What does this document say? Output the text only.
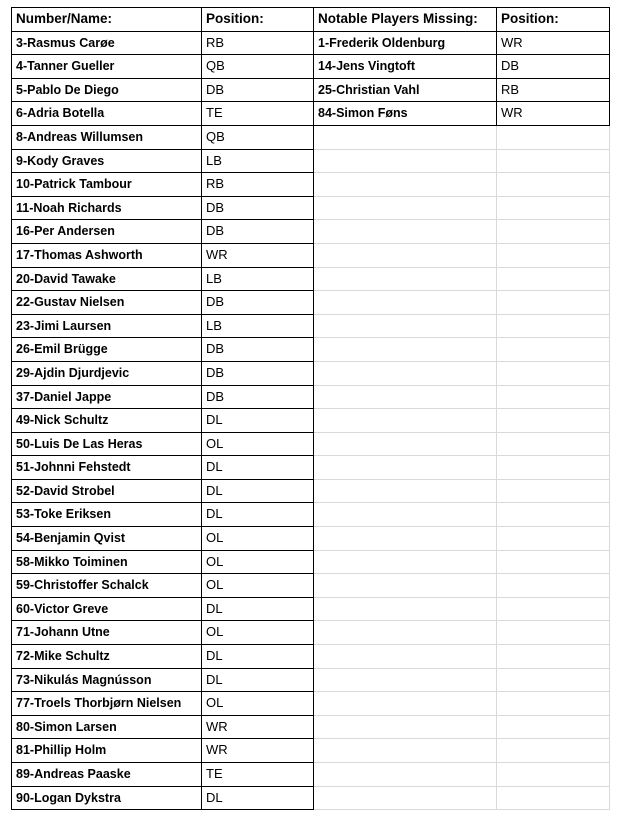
Number/Name:	Position:	Notable Players Missing:	Position:
3-Rasmus Carøe	RB	1-Frederik Oldenburg	WR
4-Tanner Gueller	QB	14-Jens Vingtoft	DB
5-Pablo De Diego	DB	25-Christian Vahl	RB
6-Adria Botella	TE	84-Simon Føns	WR
8-Andreas Willumsen	QB		
9-Kody Graves	LB		
10-Patrick Tambour	RB		
11-Noah Richards	DB		
16-Per Andersen	DB		
17-Thomas Ashworth	WR		
20-David Tawake	LB		
22-Gustav Nielsen	DB		
23-Jimi Laursen	LB		
26-Emil Brügge	DB		
29-Ajdin Djurdjevic	DB		
37-Daniel Jappe	DB		
49-Nick Schultz	DL		
50-Luis De Las Heras	OL		
51-Johnni Fehstedt	DL		
52-David Strobel	DL		
53-Toke Eriksen	DL		
54-Benjamin Qvist	OL		
58-Mikko Toiminen	OL		
59-Christoffer Schalck	OL		
60-Victor Greve	DL		
71-Johann Utne	OL		
72-Mike Schultz	DL		
73-Nikulás Magnússon	DL		
77-Troels Thorbjørn Nielsen	OL		
80-Simon Larsen	WR		
81-Phillip Holm	WR		
89-Andreas Paaske	TE		
90-Logan Dykstra	DL		
